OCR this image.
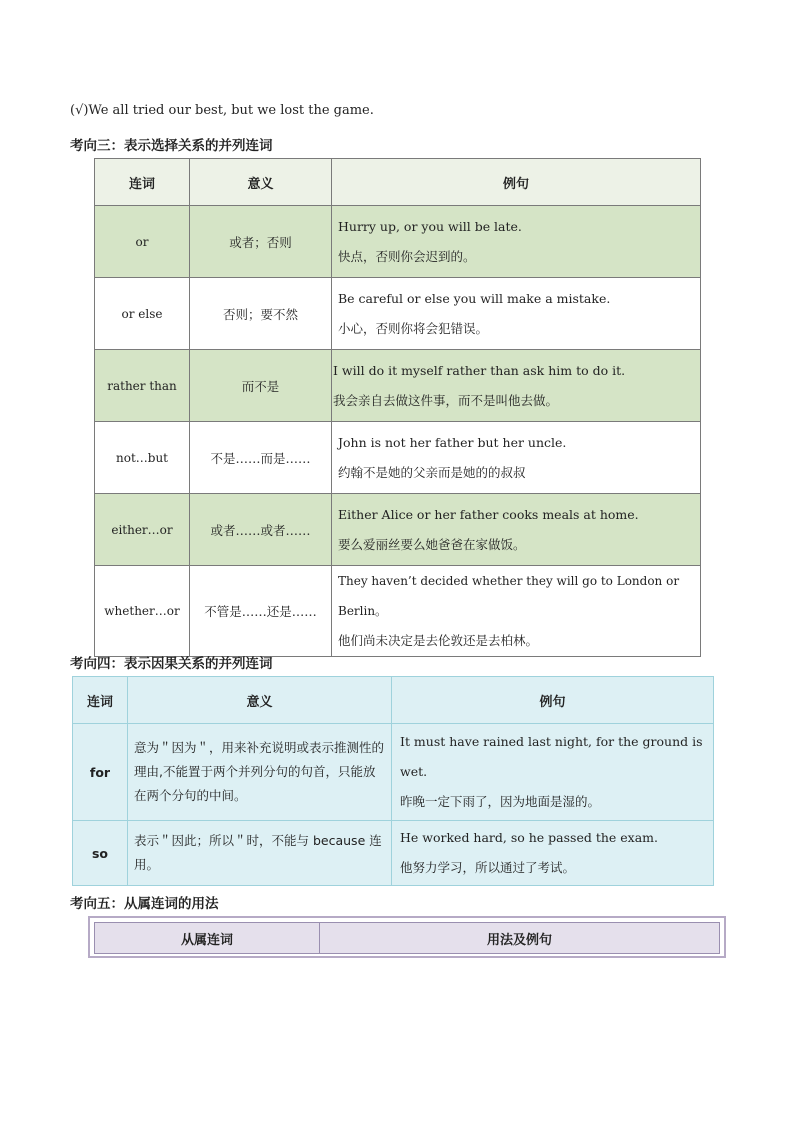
(√)We all tried our best, but we lost the game.
考向三：表示选择关系的并列连词
连词	意义	例句
or	或者；否则	Hurry up, or you will be late.
快点，否则你会迟到的。

or else	否则；要不然	Be careful or else you will make a mistake.
小心，否则你将会犯错误。

rather than	而不是	I will do it myself rather than ask him to do it.
我会亲自去做这件事，而不是叫他去做。

not…but	不是……而是……	John is not her father but her uncle.
约翰不是她的父亲而是她的的叔叔

either…or	或者……或者……	Either Alice or her father cooks meals at home.
要么爱丽丝要么她爸爸在家做饭。

whether…or	不管是……还是……	They haven’t decided whether they will go to London or Berlin。
他们尚未决定是去伦敦还是去柏林。
考向四：表示因果关系的并列连词
连词	意义	例句
for	意为＂因为＂，用来补充说明或表示推测性的理由,不能置于两个并列分句的句首，只能放在两个分句的中间。	It must have rained last night, for the ground is wet.
昨晚一定下雨了，因为地面是湿的。

so	表示＂因此；所以＂时，不能与 because 连用。	He worked hard, so he passed the exam.
他努力学习，所以通过了考试。
考向五：从属连词的用法
从属连词	用法及例句
